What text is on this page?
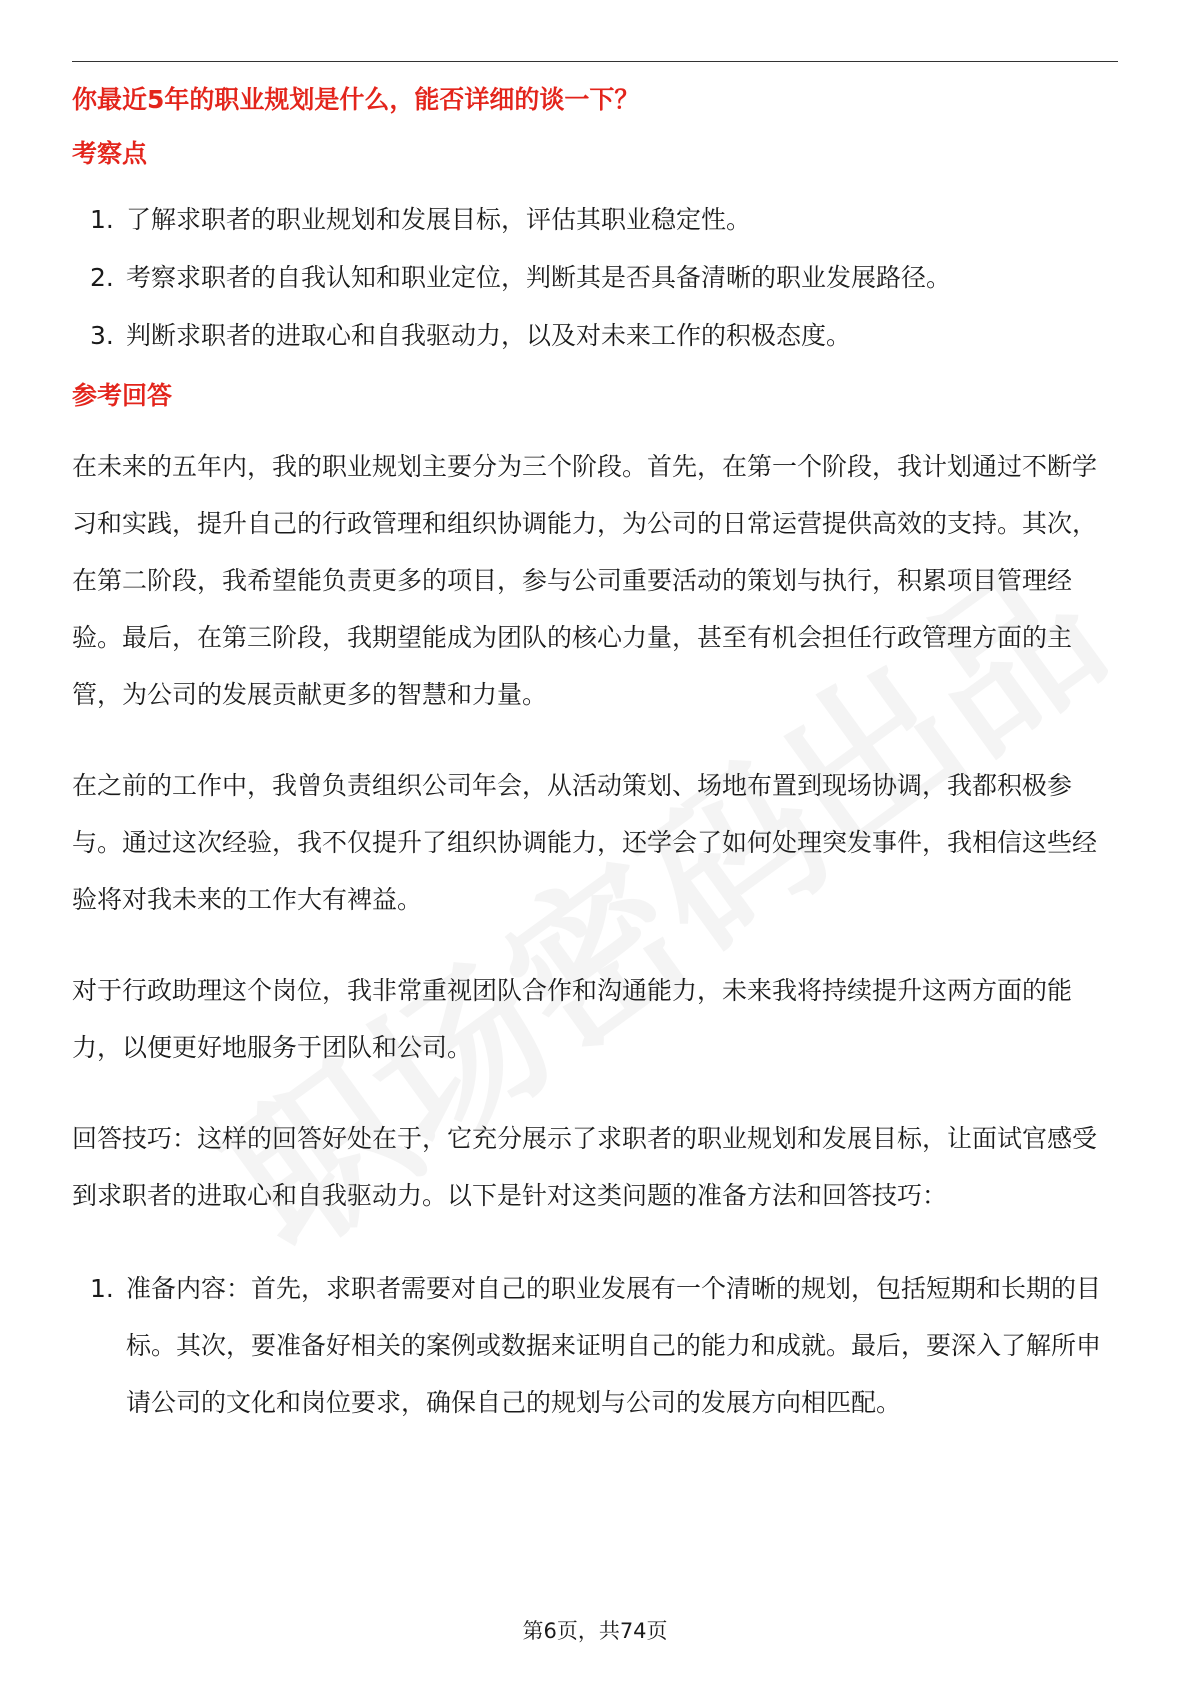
你最近5年的职业规划是什么，能否详细的谈一下？
考察点
1. 了解求职者的职业规划和发展目标，评估其职业稳定性。
2. 考察求职者的自我认知和职业定位，判断其是否具备清晰的职业发展路径。
3. 判断求职者的进取心和自我驱动力，以及对未来工作的积极态度。
参考回答

在未来的五年内，我的职业规划主要分为三个阶段。首先，在第一个阶段，我计划通过不断学习和实践，提升自己的行政管理和组织协调能力，为公司的日常运营提供高效的支持。其次，在第二阶段，我希望能负责更多的项目，参与公司重要活动的策划与执行，积累项目管理经验。最后，在第三阶段，我期望能成为团队的核心力量，甚至有机会担任行政管理方面的主管，为公司的发展贡献更多的智慧和力量。

在之前的工作中，我曾负责组织公司年会，从活动策划、场地布置到现场协调，我都积极参与。通过这次经验，我不仅提升了组织协调能力，还学会了如何处理突发事件，我相信这些经验将对我未来的工作大有裨益。

对于行政助理这个岗位，我非常重视团队合作和沟通能力，未来我将持续提升这两方面的能力，以便更好地服务于团队和公司。

回答技巧：这样的回答好处在于，它充分展示了求职者的职业规划和发展目标，让面试官感受到求职者的进取心和自我驱动力。以下是针对这类问题的准备方法和回答技巧：

1. 准备内容：首先，求职者需要对自己的职业发展有一个清晰的规划，包括短期和长期的目标。其次，要准备好相关的案例或数据来证明自己的能力和成就。最后，要深入了解所申请公司的文化和岗位要求，确保自己的规划与公司的发展方向相匹配。
第6页，共74页
